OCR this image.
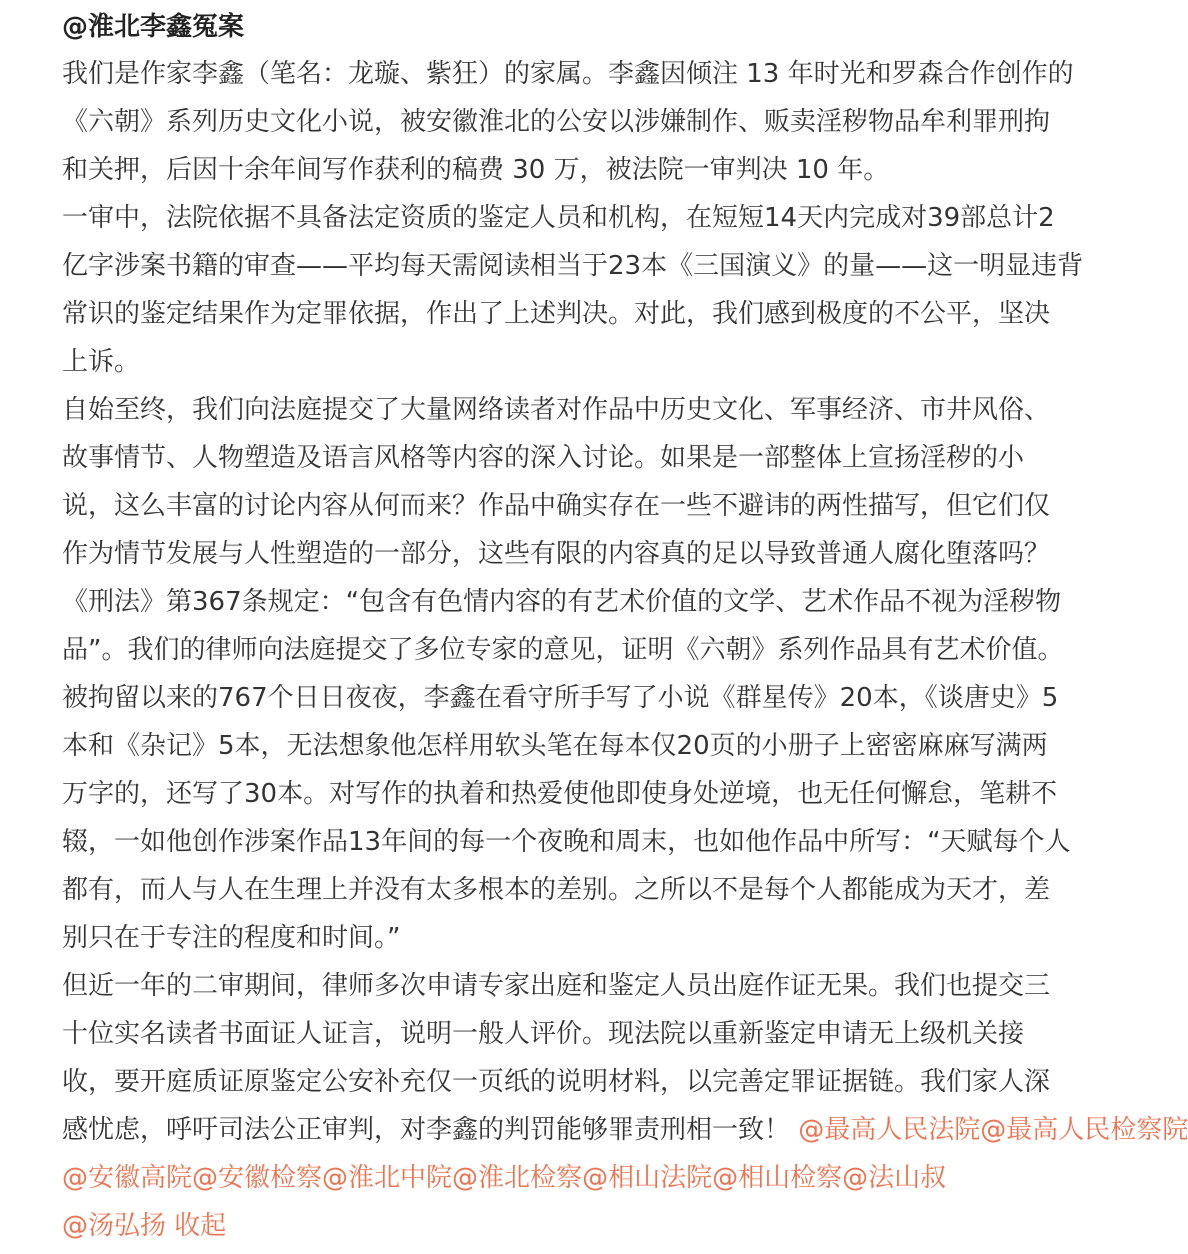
@淮北李鑫冤案
我们是作家李鑫（笔名：龙璇、紫狂）的家属。李鑫因倾注 13 年时光和罗森合作创作的
《六朝》系列历史文化小说，被安徽淮北的公安以涉嫌制作、贩卖淫秽物品牟利罪刑拘
和关押，后因十余年间写作获利的稿费 30 万，被法院一审判决 10 年。
一审中，法院依据不具备法定资质的鉴定人员和机构，在短短14天内完成对39部总计2
亿字涉案书籍的审查——平均每天需阅读相当于23本《三国演义》的量——这一明显违背
常识的鉴定结果作为定罪依据，作出了上述判决。对此，我们感到极度的不公平，坚决
上诉。
自始至终，我们向法庭提交了大量网络读者对作品中历史文化、军事经济、市井风俗、
故事情节、人物塑造及语言风格等内容的深入讨论。如果是一部整体上宣扬淫秽的小
说，这么丰富的讨论内容从何而来？作品中确实存在一些不避讳的两性描写，但它们仅
作为情节发展与人性塑造的一部分，这些有限的内容真的足以导致普通人腐化堕落吗？
《刑法》第367条规定：“包含有色情内容的有艺术价值的文学、艺术作品不视为淫秽物
品”。我们的律师向法庭提交了多位专家的意见，证明《六朝》系列作品具有艺术价值。
被拘留以来的767个日日夜夜，李鑫在看守所手写了小说《群星传》20本，《谈唐史》5
本和《杂记》5本，无法想象他怎样用软头笔在每本仅20页的小册子上密密麻麻写满两
万字的，还写了30本。对写作的执着和热爱使他即使身处逆境，也无任何懈怠，笔耕不
辍，一如他创作涉案作品13年间的每一个夜晚和周末，也如他作品中所写：“天赋每个人
都有，而人与人在生理上并没有太多根本的差别。之所以不是每个人都能成为天才，差
别只在于专注的程度和时间。”
但近一年的二审期间，律师多次申请专家出庭和鉴定人员出庭作证无果。我们也提交三
十位实名读者书面证人证言，说明一般人评价。现法院以重新鉴定申请无上级机关接
收，要开庭质证原鉴定公安补充仅一页纸的说明材料，以完善定罪证据链。我们家人深
感忧虑，呼吁司法公正审判，对李鑫的判罚能够罪责刑相一致！ @最高人民法院@最高人民检察院
@安徽高院@安徽检察@淮北中院@淮北检察@相山法院@相山检察@法山叔
@汤弘扬 收起
